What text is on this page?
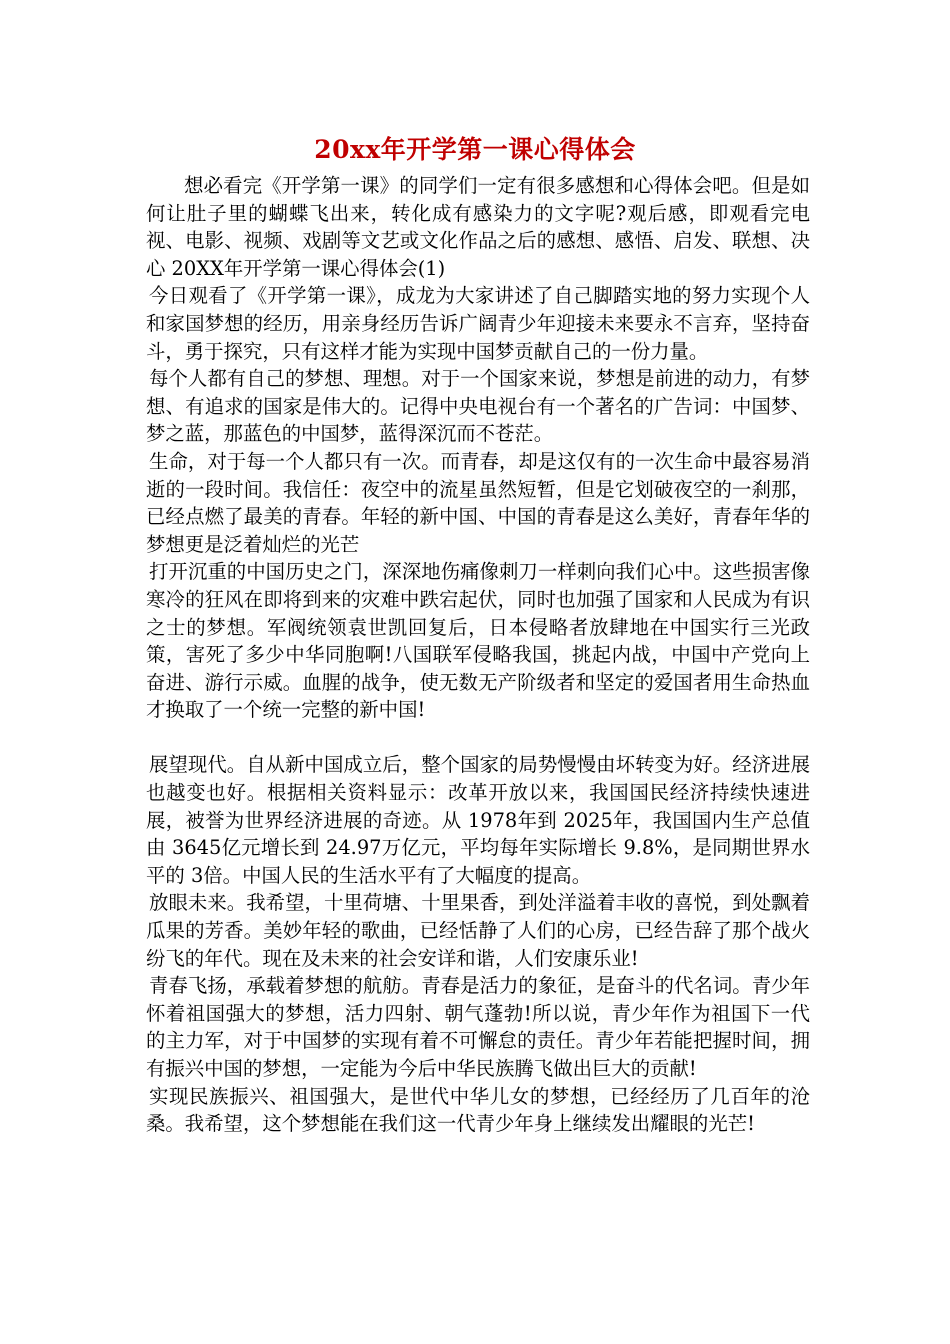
20xx年开学第一课心得体会

想必看完《开学第一课》的同学们一定有很多感想和心得体会吧。但是如何让肚子里的蝴蝶飞出来，转化成有感染力的文字呢?观后感，即观看完电视、电影、视频、戏剧等文艺或文化作品之后的感想、感悟、启发、联想、决心 20XX年开学第一课心得体会(1)

今日观看了《开学第一课》，成龙为大家讲述了自己脚踏实地的努力实现个人和家国梦想的经历，用亲身经历告诉广阔青少年迎接未来要永不言弃，坚持奋斗，勇于探究，只有这样才能为实现中国梦贡献自己的一份力量。

每个人都有自己的梦想、理想。对于一个国家来说，梦想是前进的动力，有梦想、有追求的国家是伟大的。记得中央电视台有一个著名的广告词：中国梦、梦之蓝，那蓝色的中国梦，蓝得深沉而不苍茫。

生命，对于每一个人都只有一次。而青春，却是这仅有的一次生命中最容易消逝的一段时间。我信任：夜空中的流星虽然短暂，但是它划破夜空的一刹那，已经点燃了最美的青春。年轻的新中国、中国的青春是这么美好，青春年华的梦想更是泛着灿烂的光芒

打开沉重的中国历史之门，深深地伤痛像刺刀一样刺向我们心中。这些损害像寒冷的狂风在即将到来的灾难中跌宕起伏，同时也加强了国家和人民成为有识之士的梦想。军阀统领袁世凯回复后，日本侵略者放肆地在中国实行三光政策，害死了多少中华同胞啊!八国联军侵略我国，挑起内战，中国中产党向上奋进、游行示威。血腥的战争，使无数无产阶级者和坚定的爱国者用生命热血才换取了一个统一完整的新中国!

展望现代。自从新中国成立后，整个国家的局势慢慢由坏转变为好。经济进展也越变也好。根据相关资料显示：改革开放以来，我国国民经济持续快速进展，被誉为世界经济进展的奇迹。从 1978年到 2025年，我国国内生产总值由 3645亿元增长到 24.97万亿元，平均每年实际增长 9.8%，是同期世界水平的 3倍。中国人民的生活水平有了大幅度的提高。

放眼未来。我希望，十里荷塘、十里果香，到处洋溢着丰收的喜悦，到处飘着瓜果的芳香。美妙年轻的歌曲，已经恬静了人们的心房，已经告辞了那个战火纷飞的年代。现在及未来的社会安详和谐，人们安康乐业!

青春飞扬，承载着梦想的航舫。青春是活力的象征，是奋斗的代名词。青少年怀着祖国强大的梦想，活力四射、朝气蓬勃!所以说，青少年作为祖国下一代的主力军，对于中国梦的实现有着不可懈怠的责任。青少年若能把握时间，拥有振兴中国的梦想，一定能为今后中华民族腾飞做出巨大的贡献!

实现民族振兴、祖国强大，是世代中华儿女的梦想，已经经历了几百年的沧桑。我希望，这个梦想能在我们这一代青少年身上继续发出耀眼的光芒!
